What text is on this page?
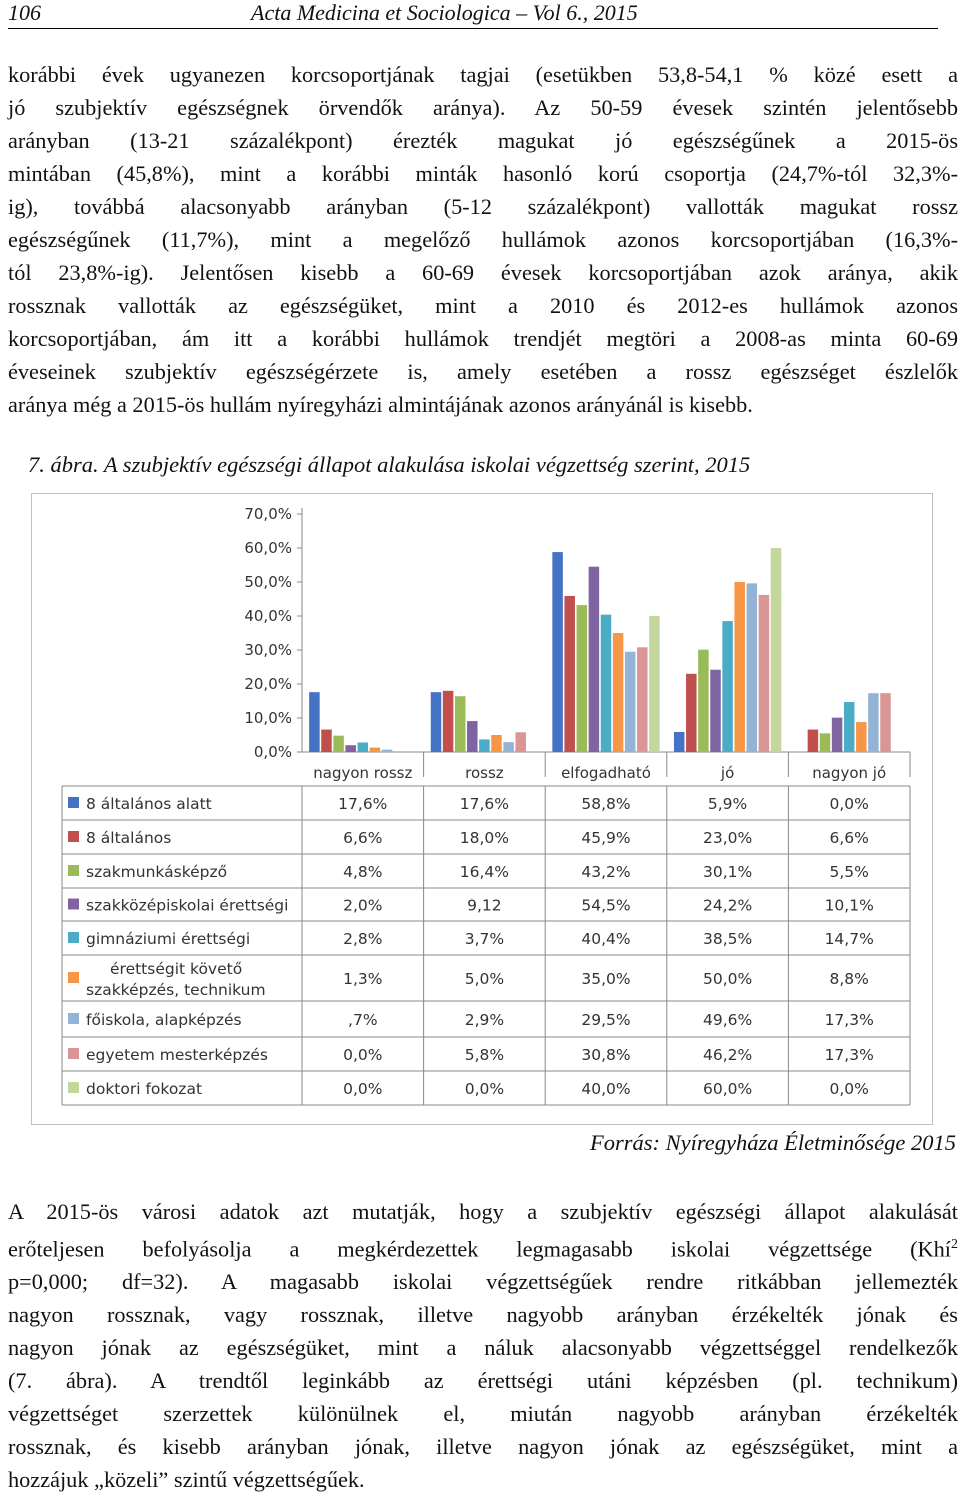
106	Acta Medicina et Sociologica – Vol 6., 2015

korábbi évek ugyanezen korcsoportjának tagjai (esetükben 53,8-54,1 % közé esett a
jó szubjektív egészségnek örvendők aránya). Az 50-59 évesek szintén jelentősebb
arányban (13-21 százalékpont) érezték magukat jó egészségűnek a 2015-ös
mintában (45,8%), mint a korábbi minták hasonló korú csoportja (24,7%-tól 32,3%-
ig), továbbá alacsonyabb arányban (5-12 százalékpont) vallották magukat rossz
egészségűnek (11,7%), mint a megelőző hullámok azonos korcsoportjában (16,3%-
tól 23,8%-ig). Jelentősen kisebb a 60-69 évesek korcsoportjában azok aránya, akik
rossznak vallották az egészségüket, mint a 2010 és 2012-es hullámok azonos
korcsoportjában, ám itt a korábbi hullámok trendjét megtöri a 2008-as minta 60-69
éveseinek szubjektív egészségérzete is, amely esetében a rossz egészséget észlelők
aránya még a 2015-ös hullám nyíregyházi almintájának azonos arányánál is kisebb.

7. ábra. A szubjektív egészségi állapot alakulása iskolai végzettség szerint, 2015
0,0%
10,0%
20,0%
30,0%
40,0%
50,0%
60,0%
70,0%
nagyon rossz	rossz	elfogadható	jó	nagyon jó
8 általános alatt	17,6%	17,6%	58,8%	5,9%	0,0%
8 általános	6,6%	18,0%	45,9%	23,0%	6,6%
szakmunkásképző	4,8%	16,4%	43,2%	30,1%	5,5%
szakközépiskolai érettségi	2,0%	9,12	54,5%	24,2%	10,1%
gimnáziumi érettségi	2,8%	3,7%	40,4%	38,5%	14,7%
érettségit követő
szakképzés, technikum
1,3%	5,0%	35,0%	50,0%	8,8%
főiskola, alapképzés	,7%	2,9%	29,5%	49,6%	17,3%
egyetem mesterképzés	0,0%	5,8%	30,8%	46,2%	17,3%
doktori fokozat	0,0%	0,0%	40,0%	60,0%	0,0%
Forrás: Nyíregyháza Életminősége 2015

A 2015-ös városi adatok azt mutatják, hogy a szubjektív egészségi állapot alakulását
erőteljesen befolyásolja a megkérdezettek legmagasabb iskolai végzettsége (Khí$^2$
p=0,000; df=32). A magasabb iskolai végzettségűek rendre ritkábban jellemezték
nagyon rossznak, vagy rossznak, illetve nagyobb arányban érzékelték jónak és
nagyon jónak az egészségüket, mint a náluk alacsonyabb végzettséggel rendelkezők
(7. ábra). A trendtől leginkább az érettségi utáni képzésben (pl. technikum)
végzettséget szerzettek különülnek el, miután nagyobb arányban érzékelték
rossznak, és kisebb arányban jónak, illetve nagyon jónak az egészségüket, mint a
hozzájuk „közeli” szintű végzettségűek.
